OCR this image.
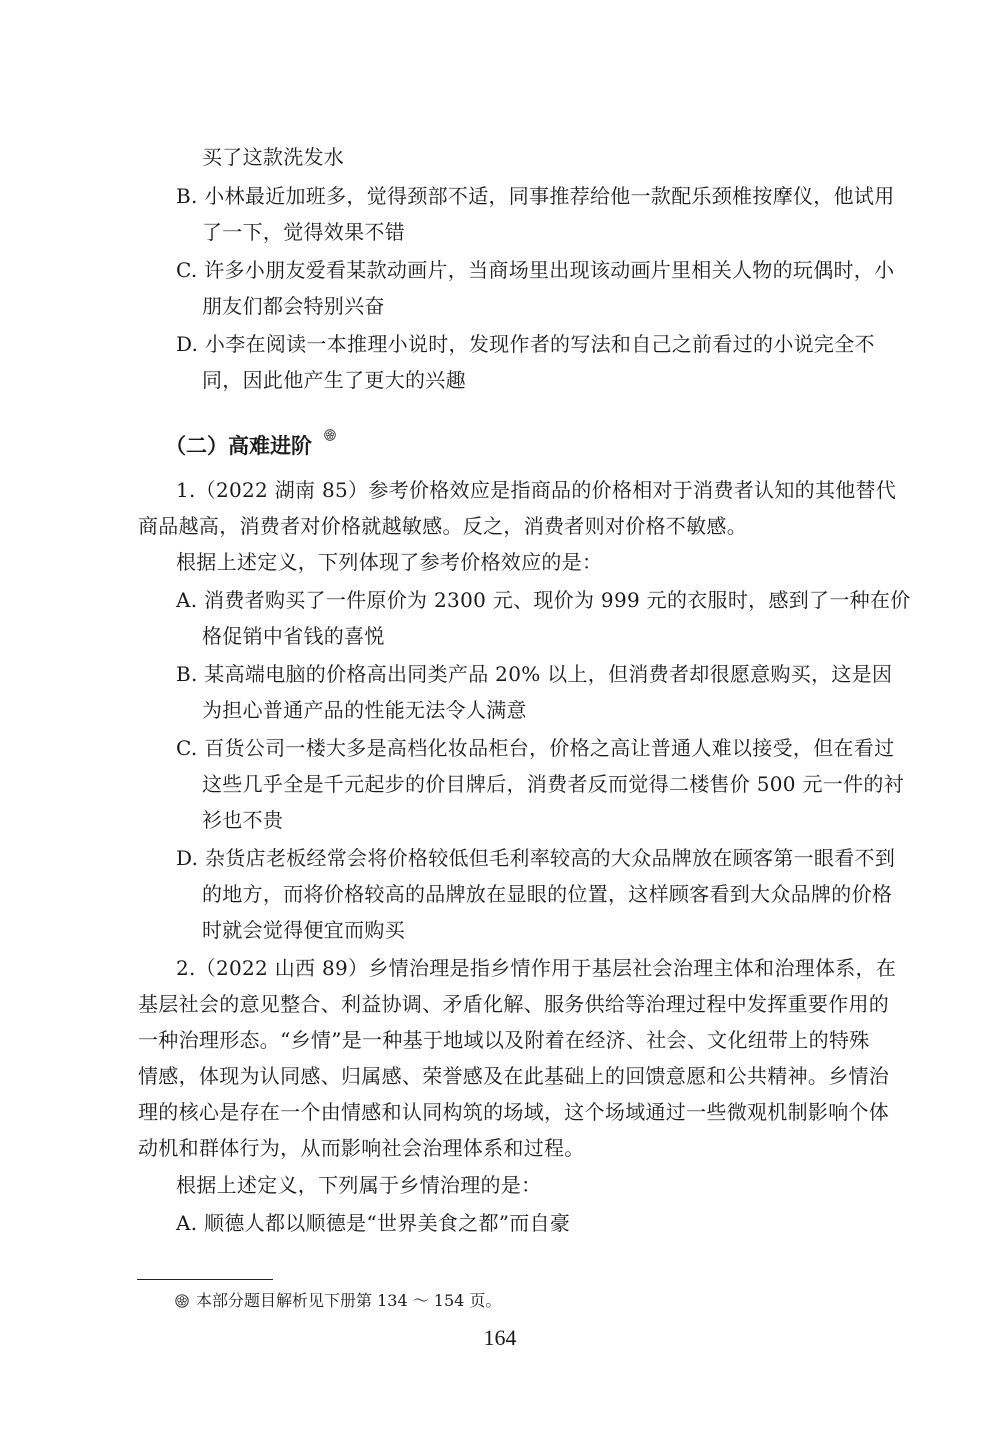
买了这款洗发水
B. 小林最近加班多，觉得颈部不适，同事推荐给他一款配乐颈椎按摩仪，他试用
了一下，觉得效果不错
C. 许多小朋友爱看某款动画片，当商场里出现该动画片里相关人物的玩偶时，小
朋友们都会特别兴奋
D. 小李在阅读一本推理小说时，发现作者的写法和自己之前看过的小说完全不
同，因此他产生了更大的兴趣
（二）高难进阶
1.（2022 湖南 85）参考价格效应是指商品的价格相对于消费者认知的其他替代
商品越高，消费者对价格就越敏感。反之，消费者则对价格不敏感。
根据上述定义，下列体现了参考价格效应的是：
A. 消费者购买了一件原价为 2300 元、现价为 999 元的衣服时，感到了一种在价
格促销中省钱的喜悦
B. 某高端电脑的价格高出同类产品 20% 以上，但消费者却很愿意购买，这是因
为担心普通产品的性能无法令人满意
C. 百货公司一楼大多是高档化妆品柜台，价格之高让普通人难以接受，但在看过
这些几乎全是千元起步的价目牌后，消费者反而觉得二楼售价 500 元一件的衬
衫也不贵
D. 杂货店老板经常会将价格较低但毛利率较高的大众品牌放在顾客第一眼看不到
的地方，而将价格较高的品牌放在显眼的位置，这样顾客看到大众品牌的价格
时就会觉得便宜而购买
2.（2022 山西 89）乡情治理是指乡情作用于基层社会治理主体和治理体系，在
基层社会的意见整合、利益协调、矛盾化解、服务供给等治理过程中发挥重要作用的
一种治理形态。“乡情”是一种基于地域以及附着在经济、社会、文化纽带上的特殊
情感，体现为认同感、归属感、荣誉感及在此基础上的回馈意愿和公共精神。乡情治
理的核心是存在一个由情感和认同构筑的场域，这个场域通过一些微观机制影响个体
动机和群体行为，从而影响社会治理体系和过程。
根据上述定义，下列属于乡情治理的是：
A. 顺德人都以顺德是“世界美食之都”而自豪
本部分题目解析见下册第 134 ～ 154 页。
164
